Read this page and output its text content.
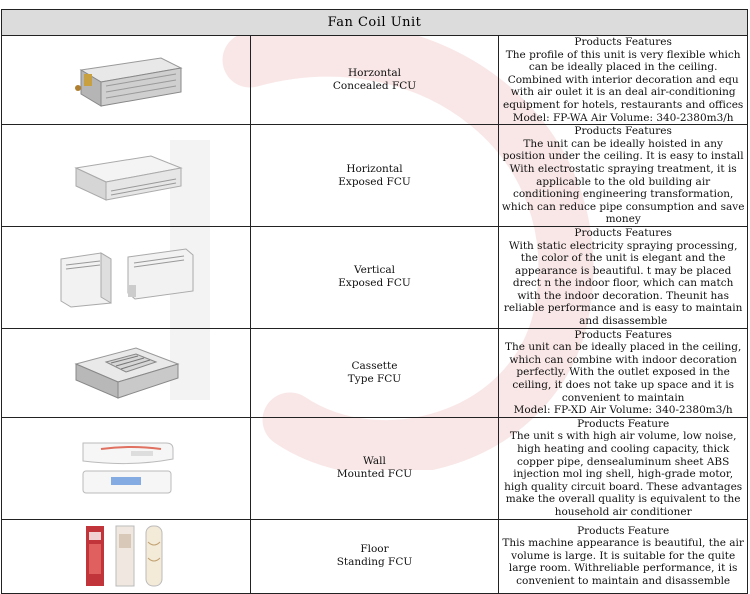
Fan Coil Unit		

	Horzontal
Concealed FCU	Products Features
The profile of this unit is very flexible which can be ideally placed in the ceiling. Combined with interior decoration and equ with air oulet it is an deal air-conditioning equipment for hotels, restaurants and offices
Model: FP-WA Air Volume: 340-2380m3/h

	Horizontal
Exposed FCU	Products Features
The unit can be ideally hoisted in any position under the ceiling. It is easy to install With electrostatic spraying treatment, it is applicable to the old building air conditioning engineering transformation, which can reduce pipe consumption and save money

	Vertical
Exposed FCU	Products Features
With static electricity spraying processing, the color of the unit is elegant and the appearance is beautiful. t may be placed drect n the indoor floor, which can match with the indoor decoration. Theunit has reliable performance and is easy to maintain and disassemble

	Cassette
Type FCU	Products Features
The unit can be ideally placed in the ceiling, which can combine with indoor decoration perfectly. With the outlet exposed in the ceiling, it does not take up space and it is convenient to maintain
Model: FP-XD Air Volume: 340-2380m3/h

	Wall
Mounted FCU	Products Feature
The unit s with high air volume, low noise, high heating and cooling capacity, thick copper pipe, densealuminum sheet ABS injection mol ing shell, high-grade motor, high quality circuit board. These advantages make the overall quality is equivalent to the household air conditioner

	Floor
Standing FCU	Products Feature
This machine appearance is beautiful, the air volume is large. It is suitable for the quite large room. Withreliable performance, it is convenient to maintain and disassemble
